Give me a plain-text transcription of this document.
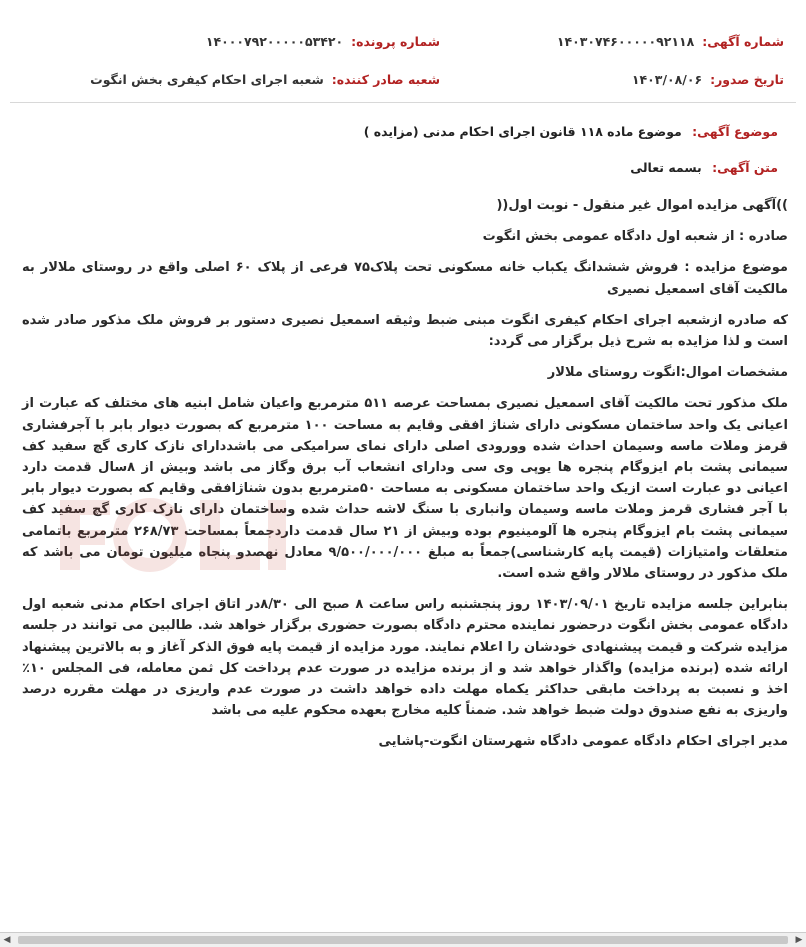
شماره آگهی:
۱۴۰۳۰۷۴۶۰۰۰۰۰۹۲۱۱۸
شماره پرونده:
۱۴۰۰۰۷۹۲۰۰۰۰۰۵۳۴۲۰
تاریخ صدور:
۱۴۰۳/۰۸/۰۶
شعبه صادر کننده:
شعبه اجرای احکام کیفری بخش انگوت
موضوع آگهی: موضوع ماده ۱۱۸ قانون اجرای احکام مدنی (مزایده )
متن آگهی: بسمه تعالی

))آگهی مزایده اموال غیر منقول - نوبت اول((

صادره : از شعبه اول دادگاه عمومی بخش انگوت

موضوع مزایده : فروش ششدانگ یکباب خانه مسکونی تحت پلاک۷۵ فرعی از پلاک ۶۰ اصلی واقع در روستای ملالار به مالکیت آقای اسمعیل نصیری

که صادره ازشعبه اجرای احکام کیفری انگوت مبنی ضبط وثیقه اسمعیل نصیری دستور بر فروش ملک مذکور صادر شده است و لذا مزایده به شرح ذیل برگزار می گردد:

مشخصات اموال:انگوت روستای ملالار

ملک مذکور تحت مالکیت آقای اسمعیل نصیری بمساحت عرصه ۵۱۱ مترمربع واعیان شامل ابنیه های مختلف که عبارت از اعیانی یک واحد ساختمان مسکونی دارای شناژ افقی وقایم به مساحت ۱۰۰ مترمربع که بصورت دیوار بابر با آجرفشاری قرمز وملات ماسه وسیمان احداث شده وورودی اصلی دارای نمای سرامیکی می باشددارای نازک کاری گچ سفید کف سیمانی پشت بام ایزوگام پنجره ها یوپی وی سی ودارای انشعاب آب برق وگاز می باشد وبیش از ۸سال قدمت دارد اعیانی دو عبارت است ازیک واحد ساختمان مسکونی به مساحت ۵۰مترمربع بدون شناژافقی وقایم که بصورت دیوار بابر با آجر فشاری قرمز وملات ماسه وسیمان وانباری با سنگ لاشه حداث شده وساختمان دارای نازک کاری گچ سفید کف سیمانی پشت بام ایزوگام پنجره ها آلومینیوم بوده وبیش از ۲۱ سال قدمت داردجمعاً بمساحت ۲۶۸/۷۳ مترمربع باتمامی متعلقات وامتیازات (قیمت پایه کارشناسی)جمعاً به مبلغ ۹/۵۰۰/۰۰۰/۰۰۰ معادل نهصدو پنجاه میلیون تومان می باشد که ملک مذکور در روستای ملالار واقع شده است.

بنابراین جلسه مزایده تاریخ ۱۴۰۳/۰۹/۰۱ روز پنجشنبه راس ساعت ۸ صبح الی ۸/۳۰در اتاق اجرای احکام مدنی شعبه اول دادگاه عمومی بخش انگوت درحضور نماینده محترم دادگاه بصورت حضوری برگزار خواهد شد. طالبین می توانند در جلسه مزایده شرکت و قیمت پیشنهادی خودشان را اعلام نمایند. مورد مزایده از قیمت پایه فوق الذکر آغاز و به بالاترین پیشنهاد ارائه شده (برنده مزایده) واگذار خواهد شد و از برنده مزایده در صورت عدم پرداخت کل ثمن معامله، فی المجلس ۱۰٪ اخذ و نسبت به پرداخت مابقی حداکثر یکماه مهلت داده خواهد داشت در صورت عدم واریزی در مهلت مقرره درصد واریزی به نفع صندوق دولت ضبط خواهد شد. ضمناً کلیه مخارج بعهده محکوم علیه می باشد

مدیر اجرای احکام دادگاه عمومی دادگاه شهرستان انگوت-پاشایی

◀	▶
